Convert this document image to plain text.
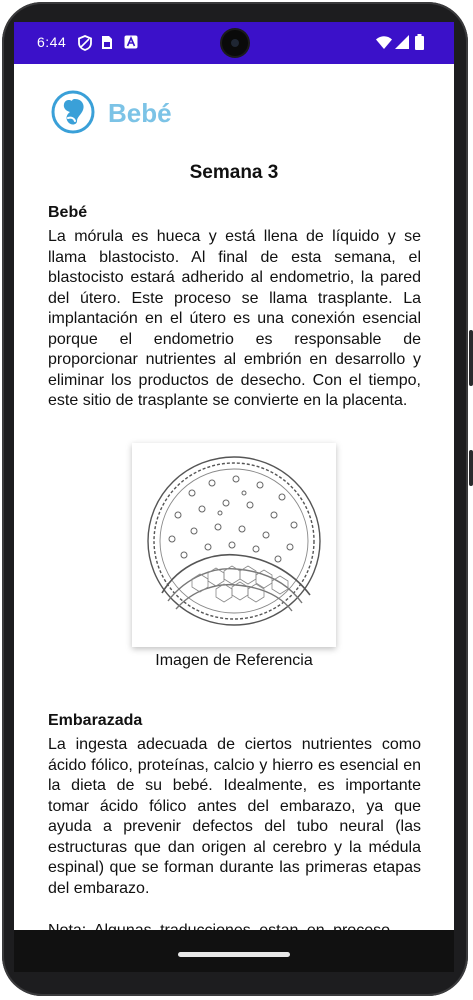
6:44
Bebé
Semana 3
Bebé
La mórula es hueca y está llena de líquido y se llama blastocisto. Al final de esta semana, el blastocisto estará adherido al endometrio, la pared del útero. Este proceso se llama trasplante. La implantación en el útero es una conexión esencial porque el endometrio es responsable de proporcionar nutrientes al embrión en desarrollo y eliminar los productos de desecho. Con el tiempo, este sitio de trasplante se convierte en la placenta.
Imagen de Referencia
Embarazada
La ingesta adecuada de ciertos nutrientes como ácido fólico, proteínas, calcio y hierro es esencial en la dieta de su bebé. Idealmente, es importante tomar ácido fólico antes del embarazo, ya que ayuda a prevenir defectos del tubo neural (las estructuras que dan origen al cerebro y la médula espinal) que se forman durante las primeras etapas del embarazo.
